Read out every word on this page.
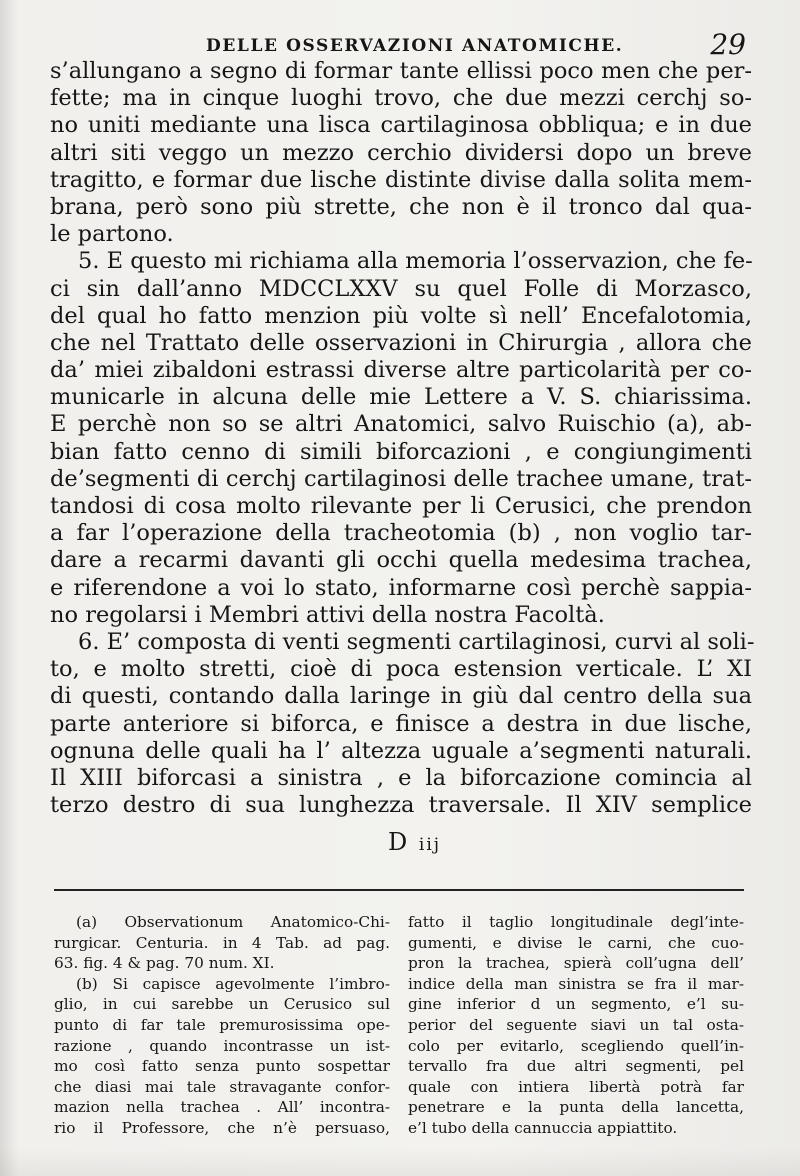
DELLE OSSERVAZIONI ANATOMICHE.	29
s’allungano a segno di formar tante ellissi poco men che per-
fette; ma in cinque luoghi trovo, che due mezzi cerchj so-
no uniti mediante una lisca cartilaginosa obbliqua; e in due
altri siti veggo un mezzo cerchio dividersi dopo un breve
tragitto, e formar due lische distinte divise dalla solita mem-
brana, però sono più strette, che non è il tronco dal qua-
le partono.
5. E questo mi richiama alla memoria l’osservazion, che fe-
ci sin dall’anno MDCCLXXV su quel Folle di Morzasco,
del qual ho fatto menzion più volte sì nell’ Encefalotomia,
che nel Trattato delle osservazioni in Chirurgia , allora che
da’ miei zibaldoni estrassi diverse altre particolarità per co-
municarle in alcuna delle mie Lettere a V. S. chiarissima.
E perchè non so se altri Anatomici, salvo Ruischio (a), ab-
bian fatto cenno di simili biforcazioni , e congiungimenti
de’segmenti di cerchj cartilaginosi delle trachee umane, trat-
tandosi di cosa molto rilevante per li Cerusici, che prendon
a far l’operazione della tracheotomia (b) , non voglio tar-
dare a recarmi davanti gli occhi quella medesima trachea,
e riferendone a voi lo stato, informarne così perchè sappia-
no regolarsi i Membri attivi della nostra Facoltà.
6. E’ composta di venti segmenti cartilaginosi, curvi al soli-
to, e molto stretti, cioè di poca estension verticale. L’ XI
di questi, contando dalla laringe in giù dal centro della sua
parte anteriore si biforca, e finisce a destra in due lische,
ognuna delle quali ha l’ altezza uguale a’segmenti naturali.
Il XIII biforcasi a sinistra , e la biforcazione comincia al
terzo destro di sua lunghezza traversale. Il XIV semplice
D iij
(a) Observationum Anatomico-Chi-
rurgicar. Centuria. in 4 Tab. ad pag.
63. fig. 4 & pag. 70 num. XI.
(b) Si capisce agevolmente l’imbro-
glio, in cui sarebbe un Cerusico sul
punto di far tale premurosissima ope-
razione , quando incontrasse un ist-
mo così fatto senza punto sospettar
che diasi mai tale stravagante confor-
mazion nella trachea . All’ incontra-
rio il Professore, che n’è persuaso,
fatto il taglio longitudinale degl’inte-
gumenti, e divise le carni, che cuo-
pron la trachea, spierà coll’ugna dell’
indice della man sinistra se fra il mar-
gine inferior d un segmento, e’l su-
perior del seguente siavi un tal osta-
colo per evitarlo, scegliendo quell’in-
tervallo fra due altri segmenti, pel
quale con intiera libertà potrà far
penetrare e la punta della lancetta,
e’l tubo della cannuccia appiattito.
